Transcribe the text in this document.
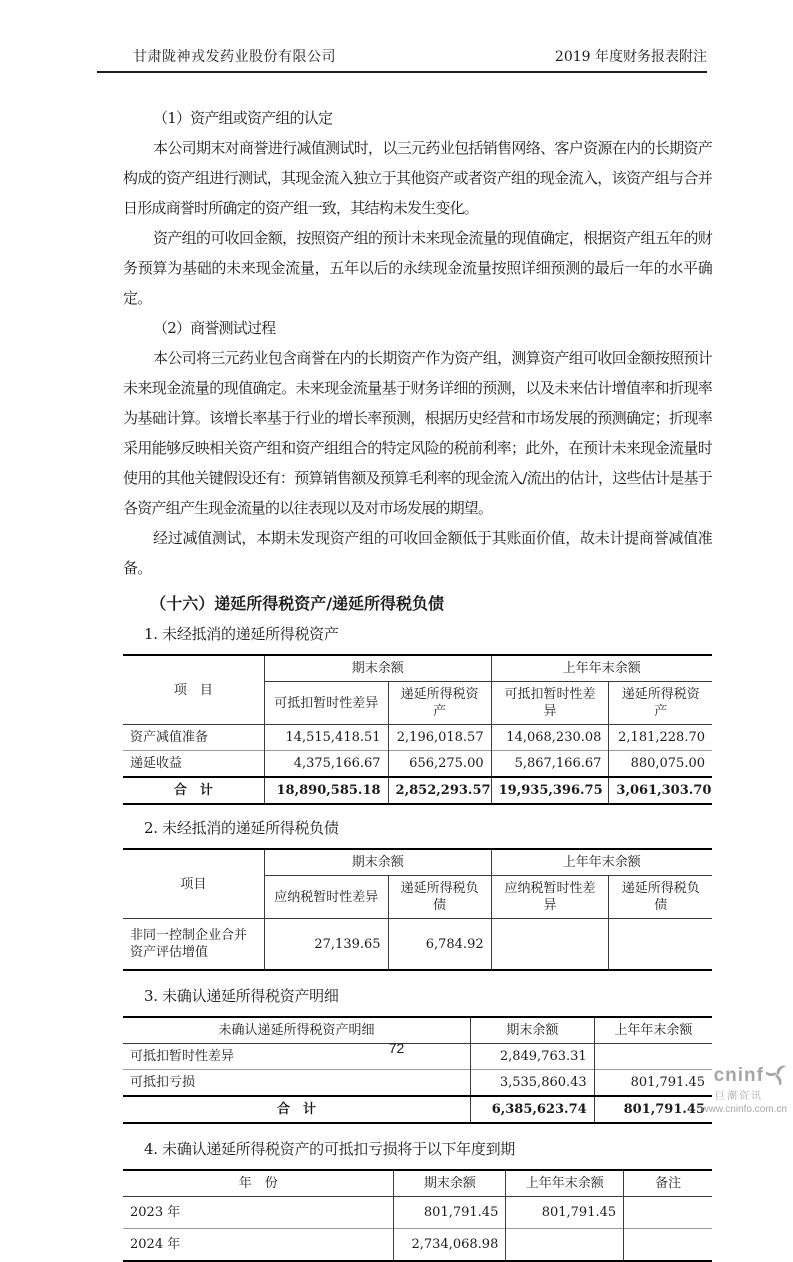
甘肃陇神戎发药业股份有限公司	2019 年度财务报表附注
（1）资产组或资产组的认定
本公司期末对商誉进行减值测试时，以三元药业包括销售网络、客户资源在内的长期资产构成的资产组进行测试，其现金流入独立于其他资产或者资产组的现金流入，该资产组与合并日形成商誉时所确定的资产组一致，其结构未发生变化。
资产组的可收回金额，按照资产组的预计未来现金流量的现值确定，根据资产组五年的财务预算为基础的未来现金流量，五年以后的永续现金流量按照详细预测的最后一年的水平确定。
（2）商誉测试过程
本公司将三元药业包含商誉在内的长期资产作为资产组，测算资产组可收回金额按照预计未来现金流量的现值确定。未来现金流量基于财务详细的预测，以及未来估计增值率和折现率为基础计算。该增长率基于行业的增长率预测，根据历史经营和市场发展的预测确定；折现率采用能够反映相关资产组和资产组组合的特定风险的税前利率；此外，在预计未来现金流量时使用的其他关键假设还有：预算销售额及预算毛利率的现金流入/流出的估计，这些估计是基于各资产组产生现金流量的以往表现以及对市场发展的期望。
经过减值测试，本期未发现资产组的可收回金额低于其账面价值，故未计提商誉减值准备。
（十六）递延所得税资产/递延所得税负债
1. 未经抵消的递延所得税资产
项　目	期末余额		上年年末余额	
	可抵扣暂时性差异	递延所得税资产	可抵扣暂时性差异	递延所得税资产
资产减值准备	14,515,418.51	2,196,018.57	14,068,230.08	2,181,228.70
递延收益	4,375,166.67	656,275.00	5,867,166.67	880,075.00
合　计	18,890,585.18	2,852,293.57	19,935,396.75	3,061,303.70
2. 未经抵消的递延所得税负债
项目	期末余额		上年年末余额	
	应纳税暂时性差异	递延所得税负债	应纳税暂时性差异	递延所得税负债
非同一控制企业合并资产评估增值	27,139.65	6,784.92		
3. 未确认递延所得税资产明细
未确认递延所得税资产明细	期末余额	上年年末余额
可抵扣暂时性差异	2,849,763.31	
可抵扣亏损	3,535,860.43	801,791.45
合　计	6,385,623.74	801,791.45
4. 未确认递延所得税资产的可抵扣亏损将于以下年度到期
年　份	期末余额	上年年末余额	备注
2023 年	801,791.45	801,791.45	
2024 年	2,734,068.98		
72
cninf
巨潮资讯
www.cninfo.com.cn
